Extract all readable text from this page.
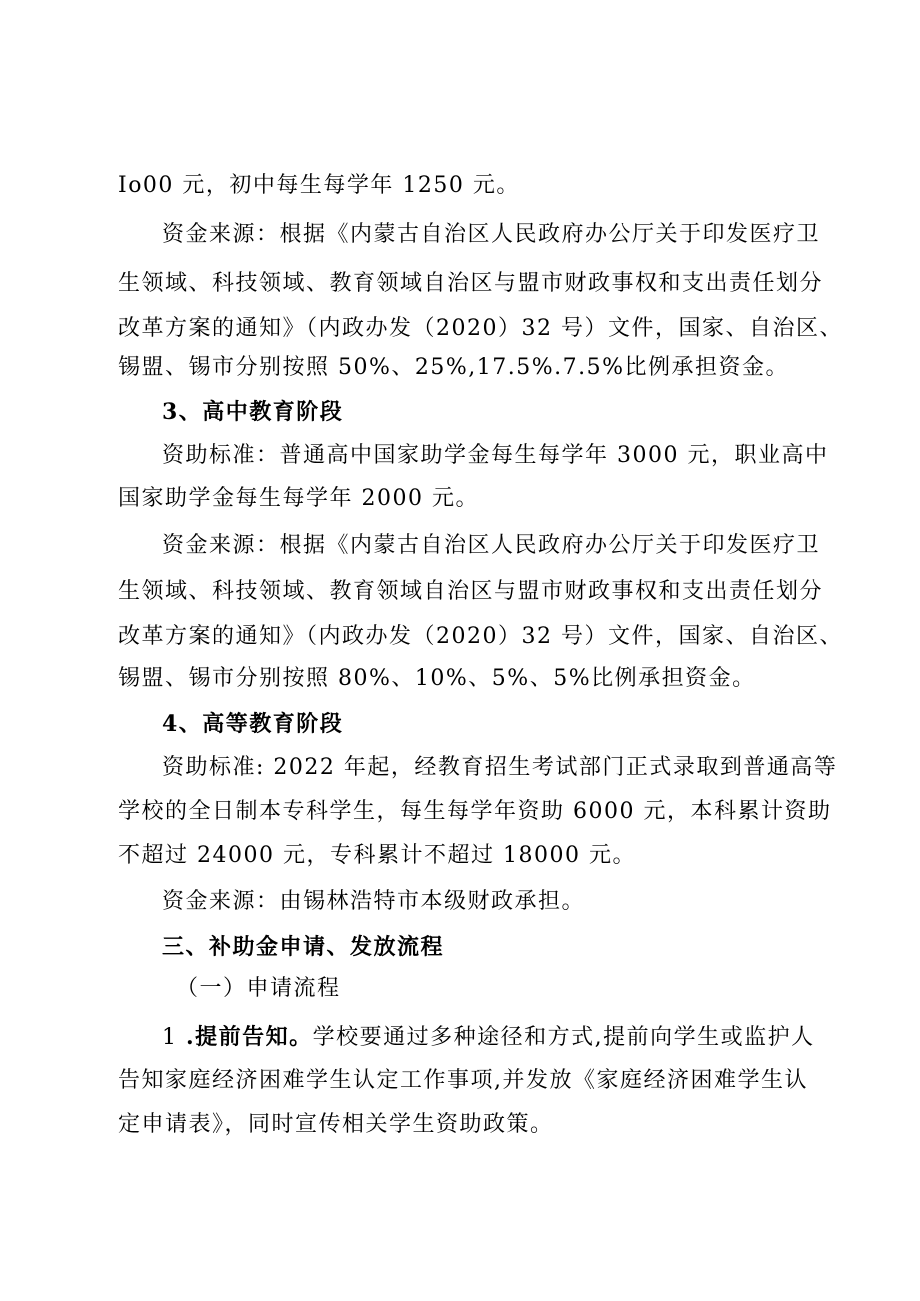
Io00 元，初中每生每学年 1250 元。
资金来源：根据《内蒙古自治区人民政府办公厅关于印发医疗卫
生领域、科技领域、教育领域自治区与盟市财政事权和支出责任划分
改革方案的通知》（内政办发（2020）32 号）文件，国家、自治区、
锡盟、锡市分别按照 50%、25%,17.5%.7.5%比例承担资金。
3、高中教育阶段
资助标准：普通高中国家助学金每生每学年 3000 元，职业高中
国家助学金每生每学年 2000 元。
资金来源：根据《内蒙古自治区人民政府办公厅关于印发医疗卫
生领域、科技领域、教育领域自治区与盟市财政事权和支出责任划分
改革方案的通知》（内政办发（2020）32 号）文件，国家、自治区、
锡盟、锡市分别按照 80%、10%、5%、5%比例承担资金。
4、高等教育阶段
资助标准: 2022 年起，经教育招生考试部门正式录取到普通高等
学校的全日制本专科学生，每生每学年资助 6000 元，本科累计资助
不超过 24000 元，专科累计不超过 18000 元。
资金来源：由锡林浩特市本级财政承担。
三、补助金申请、发放流程
（一）申请流程
1 .提前告知。学校要通过多种途径和方式,提前向学生或监护人
告知家庭经济困难学生认定工作事项,并发放《家庭经济困难学生认
定申请表》，同时宣传相关学生资助政策。
